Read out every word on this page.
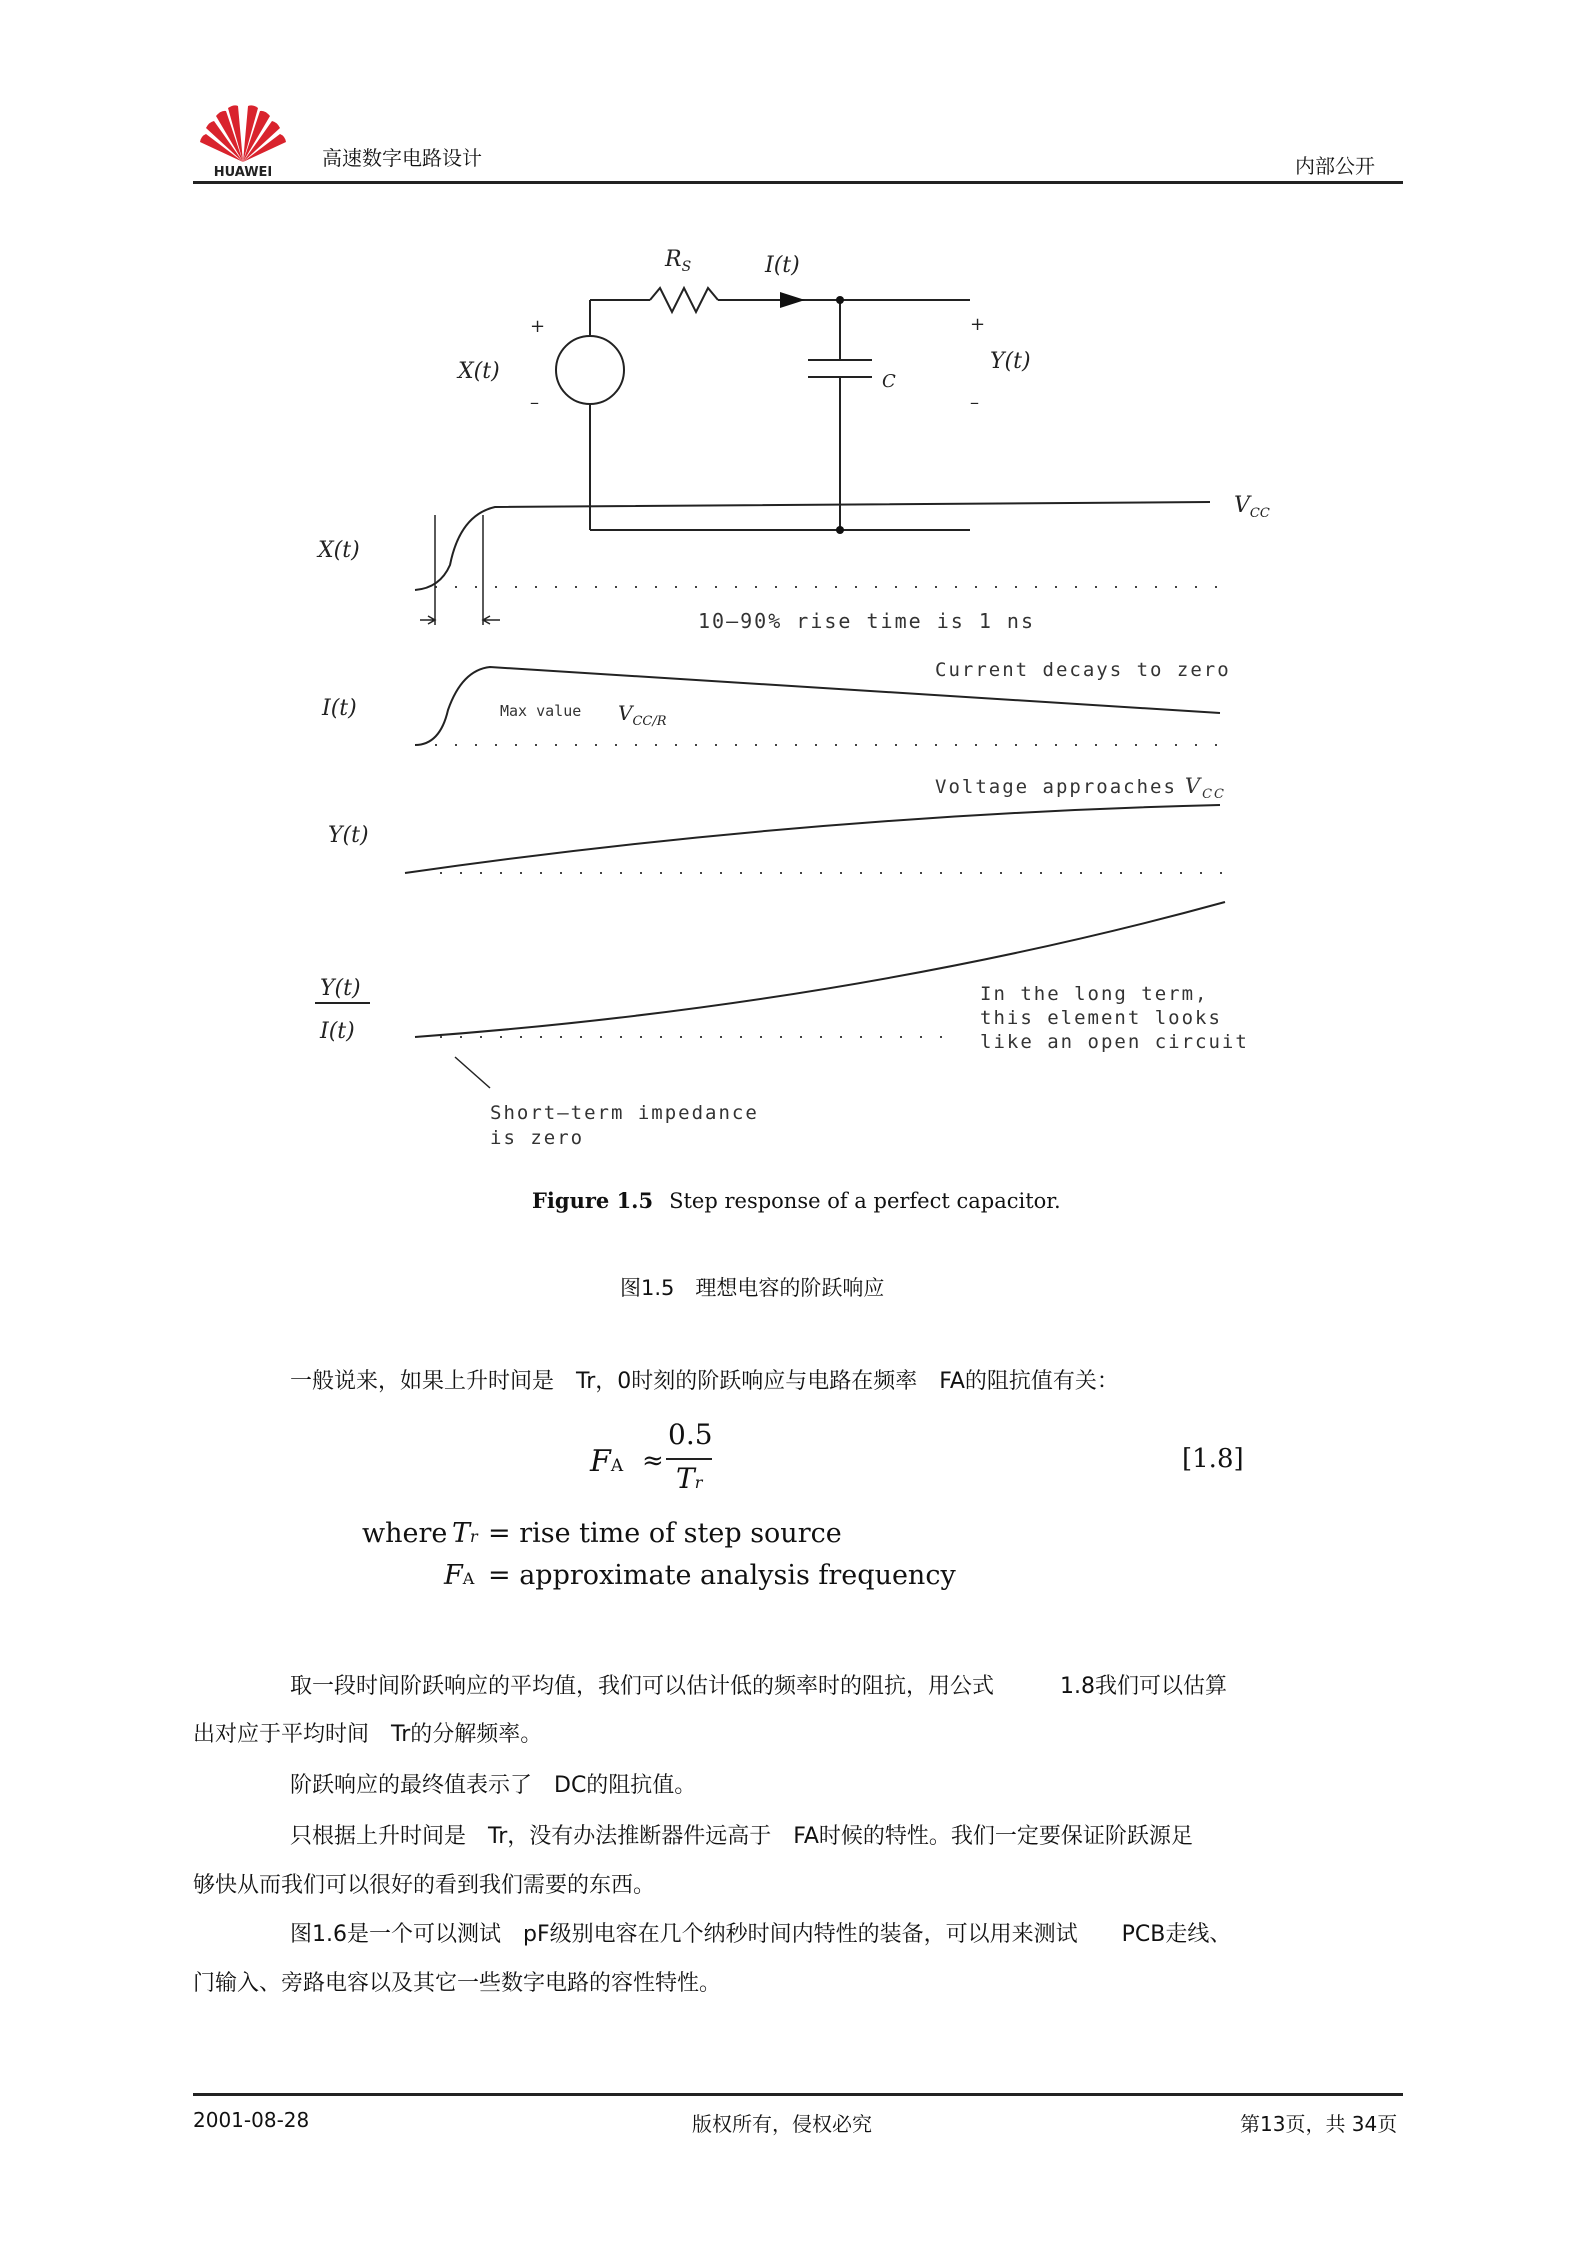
HUAWEI
高速数字电路设计	内部公开
$R_S$	I(t)
X(t)	Y(t)
C
+
–
+
–
X(t)
$V_{CC}$
10–90% rise time is 1 ns
I(t)
Current decays to zero
Max value $V_{CC/R}$
Y(t)
Voltage approaches $V_{CC}$
Y(t)
I(t)
In the long term,
this element looks
like an open circuit
Short–term impedance
is zero
Figure 1.5 Step response of a perfect capacitor.
图1.5　理想电容的阶跃响应
一般说来，如果上升时间是　Tr，0时刻的阶跃响应与电路在频率　FA的阻抗值有关：
FA ≈
0.5
Tr
[1.8]
where Tr = rise time of step source
FA = approximate analysis frequency
取一段时间阶跃响应的平均值，我们可以估计低的频率时的阻抗，用公式　　　1.8我们可以估算
出对应于平均时间　Tr的分解频率。
阶跃响应的最终值表示了　DC的阻抗值。
只根据上升时间是　Tr，没有办法推断器件远高于　FA时候的特性。我们一定要保证阶跃源足
够快从而我们可以很好的看到我们需要的东西。
图1.6是一个可以测试　pF级别电容在几个纳秒时间内特性的装备，可以用来测试　　PCB走线、
门输入、旁路电容以及其它一些数字电路的容性特性。
2001-08-28	版权所有，侵权必究	第13页，共 34页
